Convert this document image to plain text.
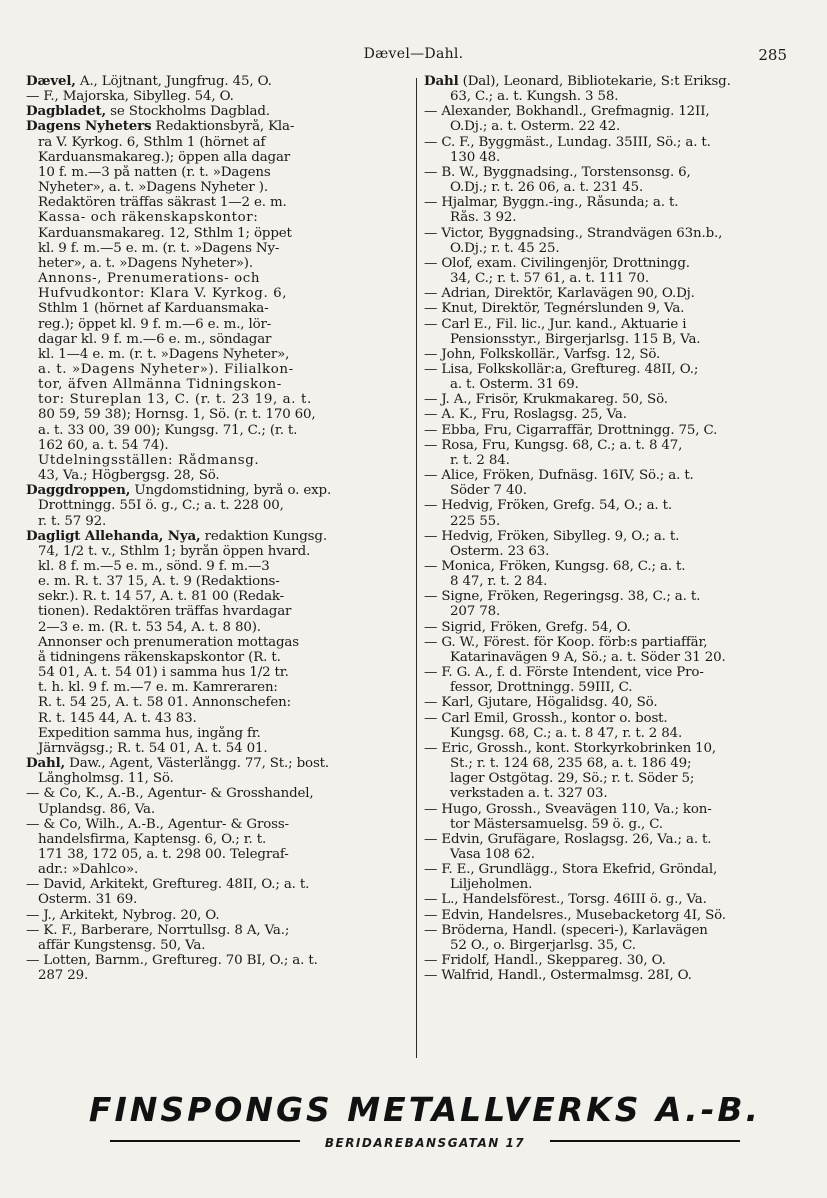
Dævel—Dahl.	285
Dævel, A., Löjtnant, Jungfrug. 45, Ö.
— F., Majorska, Sibylleg. 54, Ö.
Dagbladet, se Stockholms Dagblad.
Dagens Nyheters Redaktionsbyrå, Kla-
ra V. Kyrkog. 6, Sthlm 1 (hörnet af
Karduansmakareg.); öppen alla dagar
10 f. m.—3 på natten (r. t. »Dagens
Nyheter», a. t. »Dagens Nyheter ).
Redaktören träffas säkrast 1—2 e. m.
Kassa- och räkenskapskontor:
Karduansmakareg. 12, Sthlm 1; öppet
kl. 9 f. m.—5 e. m. (r. t. »Dagens Ny-
heter», a. t. »Dagens Nyheter»).
Annons-, Prenumerations- och
Hufvudkontor: Klara V. Kyrkog. 6,
Sthlm 1 (hörnet af Karduansmaka-
reg.); öppet kl. 9 f. m.—6 e. m., lör-
dagar kl. 9 f. m.—6 e. m., söndagar
kl. 1—4 e. m. (r. t. »Dagens Nyheter»,
a. t. »Dagens Nyheter»). Filialkon-
tor, äfven Allmänna Tidningskon-
tor: Stureplan 13, C. (r. t. 23 19, a. t.
80 59, 59 38); Hornsg. 1, Sö. (r. t. 170 60,
a. t. 33 00, 39 00); Kungsg. 71, C.; (r. t.
162 60, a. t. 54 74).
Utdelningsställen: Rådmansg.
43, Va.; Högbergsg. 28, Sö.
Daggdroppen, Ungdomstidning, byrå o. exp.
Drottningg. 55I ö. g., C.; a. t. 228 00,
r. t. 57 92.
Dagligt Allehanda, Nya, redaktion Kungsg.
74, 1/2 t. v., Sthlm 1; byrån öppen hvard.
kl. 8 f. m.—5 e. m., sönd. 9 f. m.—3
e. m. R. t. 37 15, A. t. 9 (Redaktions-
sekr.). R. t. 14 57, A. t. 81 00 (Redak-
tionen). Redaktören träffas hvardagar
2—3 e. m. (R. t. 53 54, A. t. 8 80).
Annonser och prenumeration mottagas
å tidningens räkenskapskontor (R. t.
54 01, A. t. 54 01) i samma hus 1/2 tr.
t. h. kl. 9 f. m.—7 e. m. Kamreraren:
R. t. 54 25, A. t. 58 01. Annonschefen:
R. t. 145 44, A. t. 43 83.
Expedition samma hus, ingång fr.
Järnvägsg.; R. t. 54 01, A. t. 54 01.
Dahl, Daw., Agent, Västerlångg. 77, St.; bost.
Långholmsg. 11, Sö.
— & Co, K., A.-B., Agentur- & Grosshandel,
Uplandsg. 86, Va.
— & Co, Wilh., A.-B., Agentur- & Gross-
handelsfirma, Kaptensg. 6, Ö.; r. t.
171 38, 172 05, a. t. 298 00. Telegraf-
adr.: »Dahlco».
— David, Arkitekt, Greftureg. 48II, Ö.; a. t.
Österm. 31 69.
— J., Arkitekt, Nybrog. 20, Ö.
— K. F., Barberare, Norrtullsg. 8 A, Va.;
affär Kungstensg. 50, Va.
— Lotten, Barnm., Greftureg. 70 BI, Ö.; a. t.
287 29.
Dahl (Dal), Leonard, Bibliotekarie, S:t Eriksg.
63, C.; a. t. Kungsh. 3 58.
— Alexander, Bokhandl., Grefmagnig. 12II,
Ö.Dj.; a. t. Österm. 22 42.
— C. F., Byggmäst., Lundag. 35III, Sö.; a. t.
130 48.
— B. W., Byggnadsing., Torstensonsg. 6,
Ö.Dj.; r. t. 26 06, a. t. 231 45.
— Hjalmar, Byggn.-ing., Råsunda; a. t.
Rås. 3 92.
— Victor, Byggnadsing., Strandvägen 63n.b.,
Ö.Dj.; r. t. 45 25.
— Olof, exam. Civilingenjör, Drottningg.
34, C.; r. t. 57 61, a. t. 111 70.
— Adrian, Direktör, Karlavägen 90, Ö.Dj.
— Knut, Direktör, Tegnérslunden 9, Va.
— Carl E., Fil. lic., Jur. kand., Aktuarie i
Pensionsstyr., Birgerjarlsg. 115 B, Va.
— John, Folkskollär., Varfsg. 12, Sö.
— Lisa, Folkskollär:a, Greftureg. 48II, Ö.;
a. t. Österm. 31 69.
— J. A., Frisör, Krukmakareg. 50, Sö.
— A. K., Fru, Roslagsg. 25, Va.
— Ebba, Fru, Cigarraffär, Drottningg. 75, C.
— Rosa, Fru, Kungsg. 68, C.; a. t. 8 47,
r. t. 2 84.
— Alice, Fröken, Dufnäsg. 16IV, Sö.; a. t.
Söder 7 40.
— Hedvig, Fröken, Grefg. 54, Ö.; a. t.
225 55.
— Hedvig, Fröken, Sibylleg. 9, Ö.; a. t.
Österm. 23 63.
— Monica, Fröken, Kungsg. 68, C.; a. t.
8 47, r. t. 2 84.
— Signe, Fröken, Regeringsg. 38, C.; a. t.
207 78.
— Sigrid, Fröken, Grefg. 54, Ö.
— G. W., Förest. för Koop. förb:s partiaffär,
Katarinavägen 9 A, Sö.; a. t. Söder 31 20.
— F. G. A., f. d. Förste Intendent, vice Pro-
fessor, Drottningg. 59III, C.
— Karl, Gjutare, Högalidsg. 40, Sö.
— Carl Emil, Grossh., kontor o. bost.
Kungsg. 68, C.; a. t. 8 47, r. t. 2 84.
— Eric, Grossh., kont. Storkyrkobrinken 10,
St.; r. t. 124 68, 235 68, a. t. 186 49;
lager Östgötag. 29, Sö.; r. t. Söder 5;
verkstaden a. t. 327 03.
— Hugo, Grossh., Sveavägen 110, Va.; kon-
tor Mästersamuelsg. 59 ö. g., C.
— Edvin, Grufägare, Roslagsg. 26, Va.; a. t.
Vasa 108 62.
— F. E., Grundlägg., Stora Ekefrid, Gröndal,
Liljeholmen.
— L., Handelsförest., Torsg. 46III ö. g., Va.
— Edvin, Handelsres., Musebacketorg 4I, Sö.
— Bröderna, Handl. (speceri-), Karlavägen
52 Ö., o. Birgerjarlsg. 35, C.
— Fridolf, Handl., Skeppareg. 30, Ö.
— Walfrid, Handl., Östermalmsg. 28I, Ö.
FINSPONGS METALLVERKS A.-B.
BERIDAREBANSGATAN 17
